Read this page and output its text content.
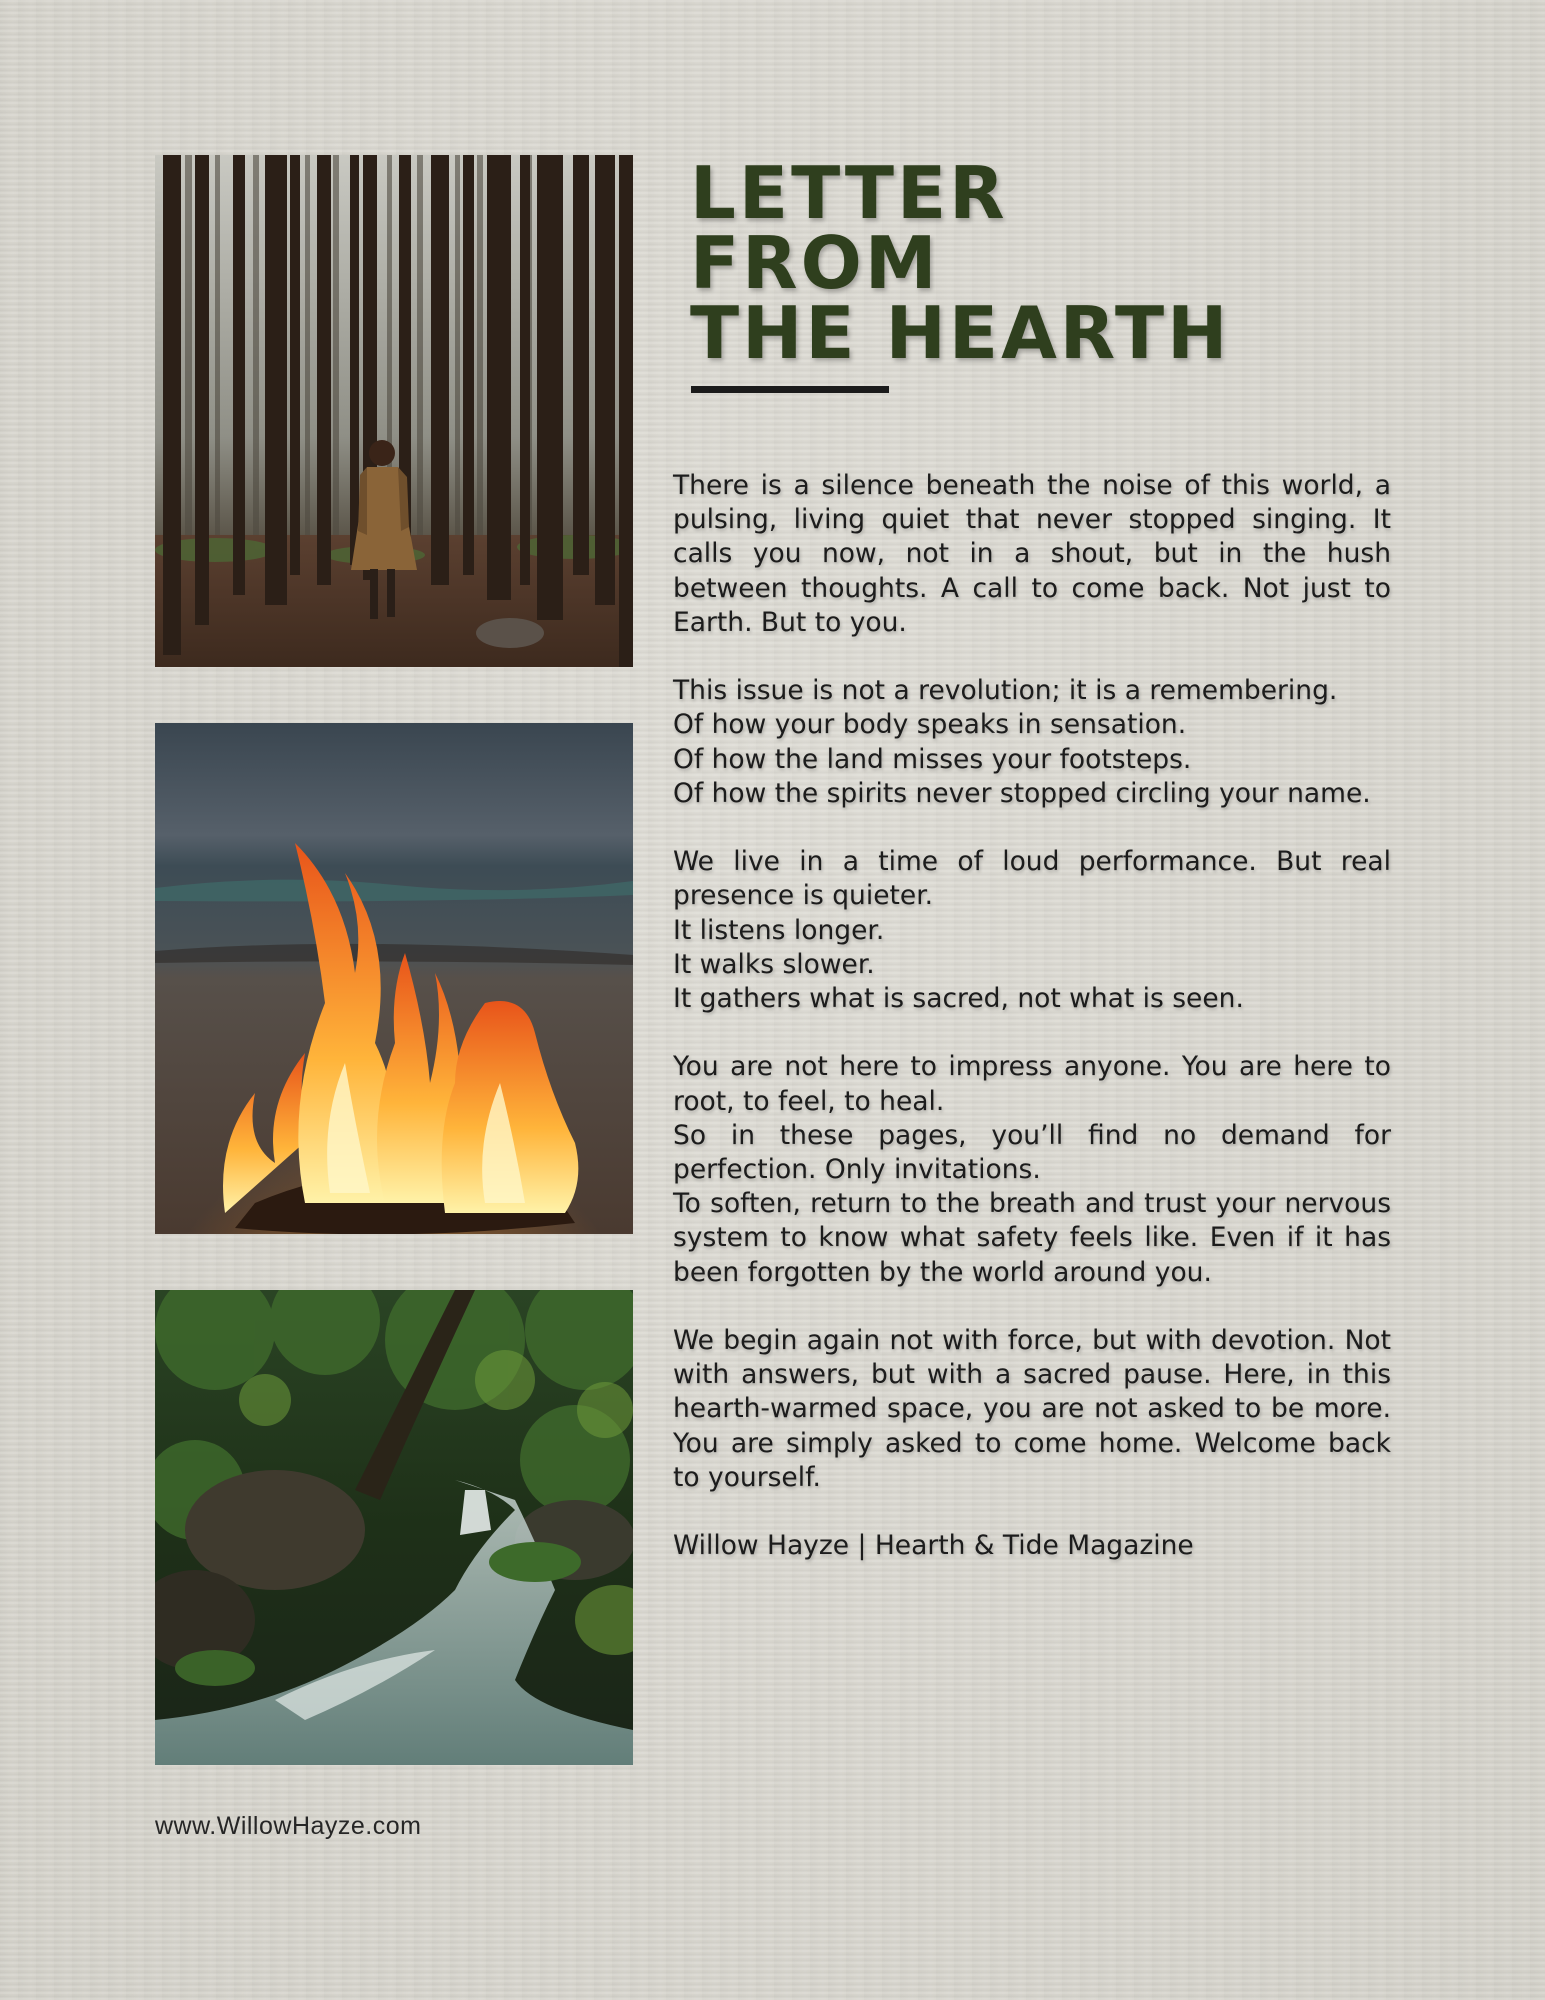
LETTER
FROM
THE HEARTH

There is a silence beneath the noise of this world, a pulsing, living quiet that never stopped singing. It calls you now, not in a shout, but in the hush between thoughts. A call to come back. Not just to Earth. But to you.

This issue is not a revolution; it is a remembering.
Of how your body speaks in sensation.
Of how the land misses your footsteps.
Of how the spirits never stopped circling your name.

We live in a time of loud performance. But real presence is quieter.
It listens longer.
It walks slower.
It gathers what is sacred, not what is seen.

You are not here to impress anyone. You are here to root, to feel, to heal.
So in these pages, you’ll find no demand for perfection. Only invitations.
To soften, return to the breath and trust your nervous system to know what safety feels like. Even if it has been forgotten by the world around you.

We begin again not with force, but with devotion. Not with answers, but with a sacred pause. Here, in this hearth-warmed space, you are not asked to be more. You are simply asked to come home. Welcome back to yourself.

Willow Hayze | Hearth & Tide Magazine

www.WillowHayze.com
